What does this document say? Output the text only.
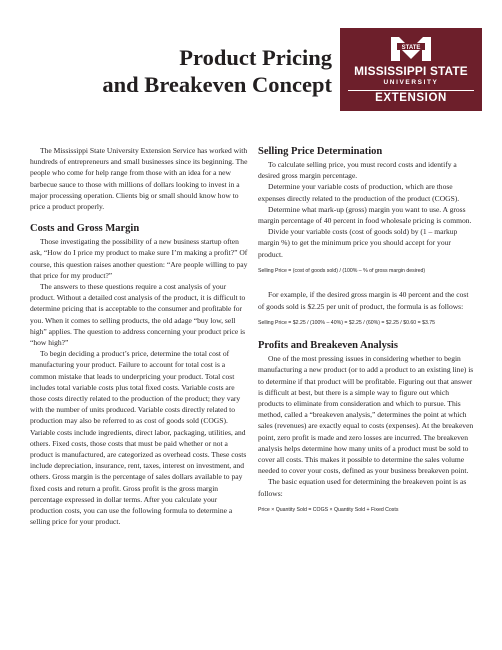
Product Pricing
and Breakeven Concept
STATE
MISSISSIPPI STATE
UNIVERSITY
EXTENSION

The Mississippi State University Extension Service has worked with hundreds of entrepreneurs and small businesses since its beginning. The people who come for help range from those with an idea for a new barbecue sauce to those with millions of dollars looking to invest in a major processing operation. Clients big or small should know how to price a product properly.

Costs and Gross Margin

Those investigating the possibility of a new business startup often ask, “How do I price my product to make sure I’m making a profit?” Of course, this question raises another question: “Are people willing to pay that price for my product?”

The answers to these questions require a cost analysis of your product. Without a detailed cost analysis of the product, it is difficult to determine pricing that is acceptable to the consumer and profitable for you. When it comes to selling products, the old adage “buy low, sell high” applies. The question to address concerning your product price is “how high?”

To begin deciding a product’s price, determine the total cost of manufacturing your product. Failure to account for total cost is a common mistake that leads to underpricing your product. Total cost includes total variable costs plus total fixed costs. Variable costs are those costs directly related to the production of the product; they vary with the number of units produced. Variable costs directly related to production may also be referred to as cost of goods sold (COGS). Variable costs include ingredients, direct labor, packaging, utilities, and others. Fixed costs, those costs that must be paid whether or not a product is manufactured, are categorized as overhead costs. These costs include depreciation, insurance, rent, taxes, interest on investment, and others. Gross margin is the percentage of sales dollars available to pay fixed costs and return a profit. Gross profit is the gross margin percentage expressed in dollar terms. After you calculate your production costs, you can use the following formula to determine a selling price for your product.

Selling Price Determination

To calculate selling price, you must record costs and identify a desired gross margin percentage.

Determine your variable costs of production, which are those expenses directly related to the production of the product (COGS).

Determine what mark-up (gross) margin you want to use. A gross margin percentage of 40 percent in food wholesale pricing is common.

Divide your variable costs (cost of goods sold) by (1 – markup margin %) to get the minimum price you should accept for your product.

Selling Price = (cost of goods sold) / (100% – % of gross margin desired)

For example, if the desired gross margin is 40 percent and the cost of goods sold is $2.25 per unit of product, the formula is as follows:

Selling Price = $2.25 / (100% – 40%) = $2.25 / (60%) = $2.25 / $0.60 = $3.75

Profits and Breakeven Analysis

One of the most pressing issues in considering whether to begin manufacturing a new product (or to add a product to an existing line) is to determine if that product will be profitable. Figuring out that answer is difficult at best, but there is a simple way to figure out which products to eliminate from consideration and which to pursue. This method, called a “breakeven analysis,” determines the point at which sales (revenues) are exactly equal to costs (expenses). At the breakeven point, zero profit is made and zero losses are incurred. The breakeven analysis helps determine how many units of a product must be sold to cover all costs. This makes it possible to determine the sales volume needed to cover your costs, defined as your business breakeven point.

The basic equation used for determining the breakeven point is as follows:

Price × Quantity Sold = COGS × Quantity Sold + Fixed Costs
